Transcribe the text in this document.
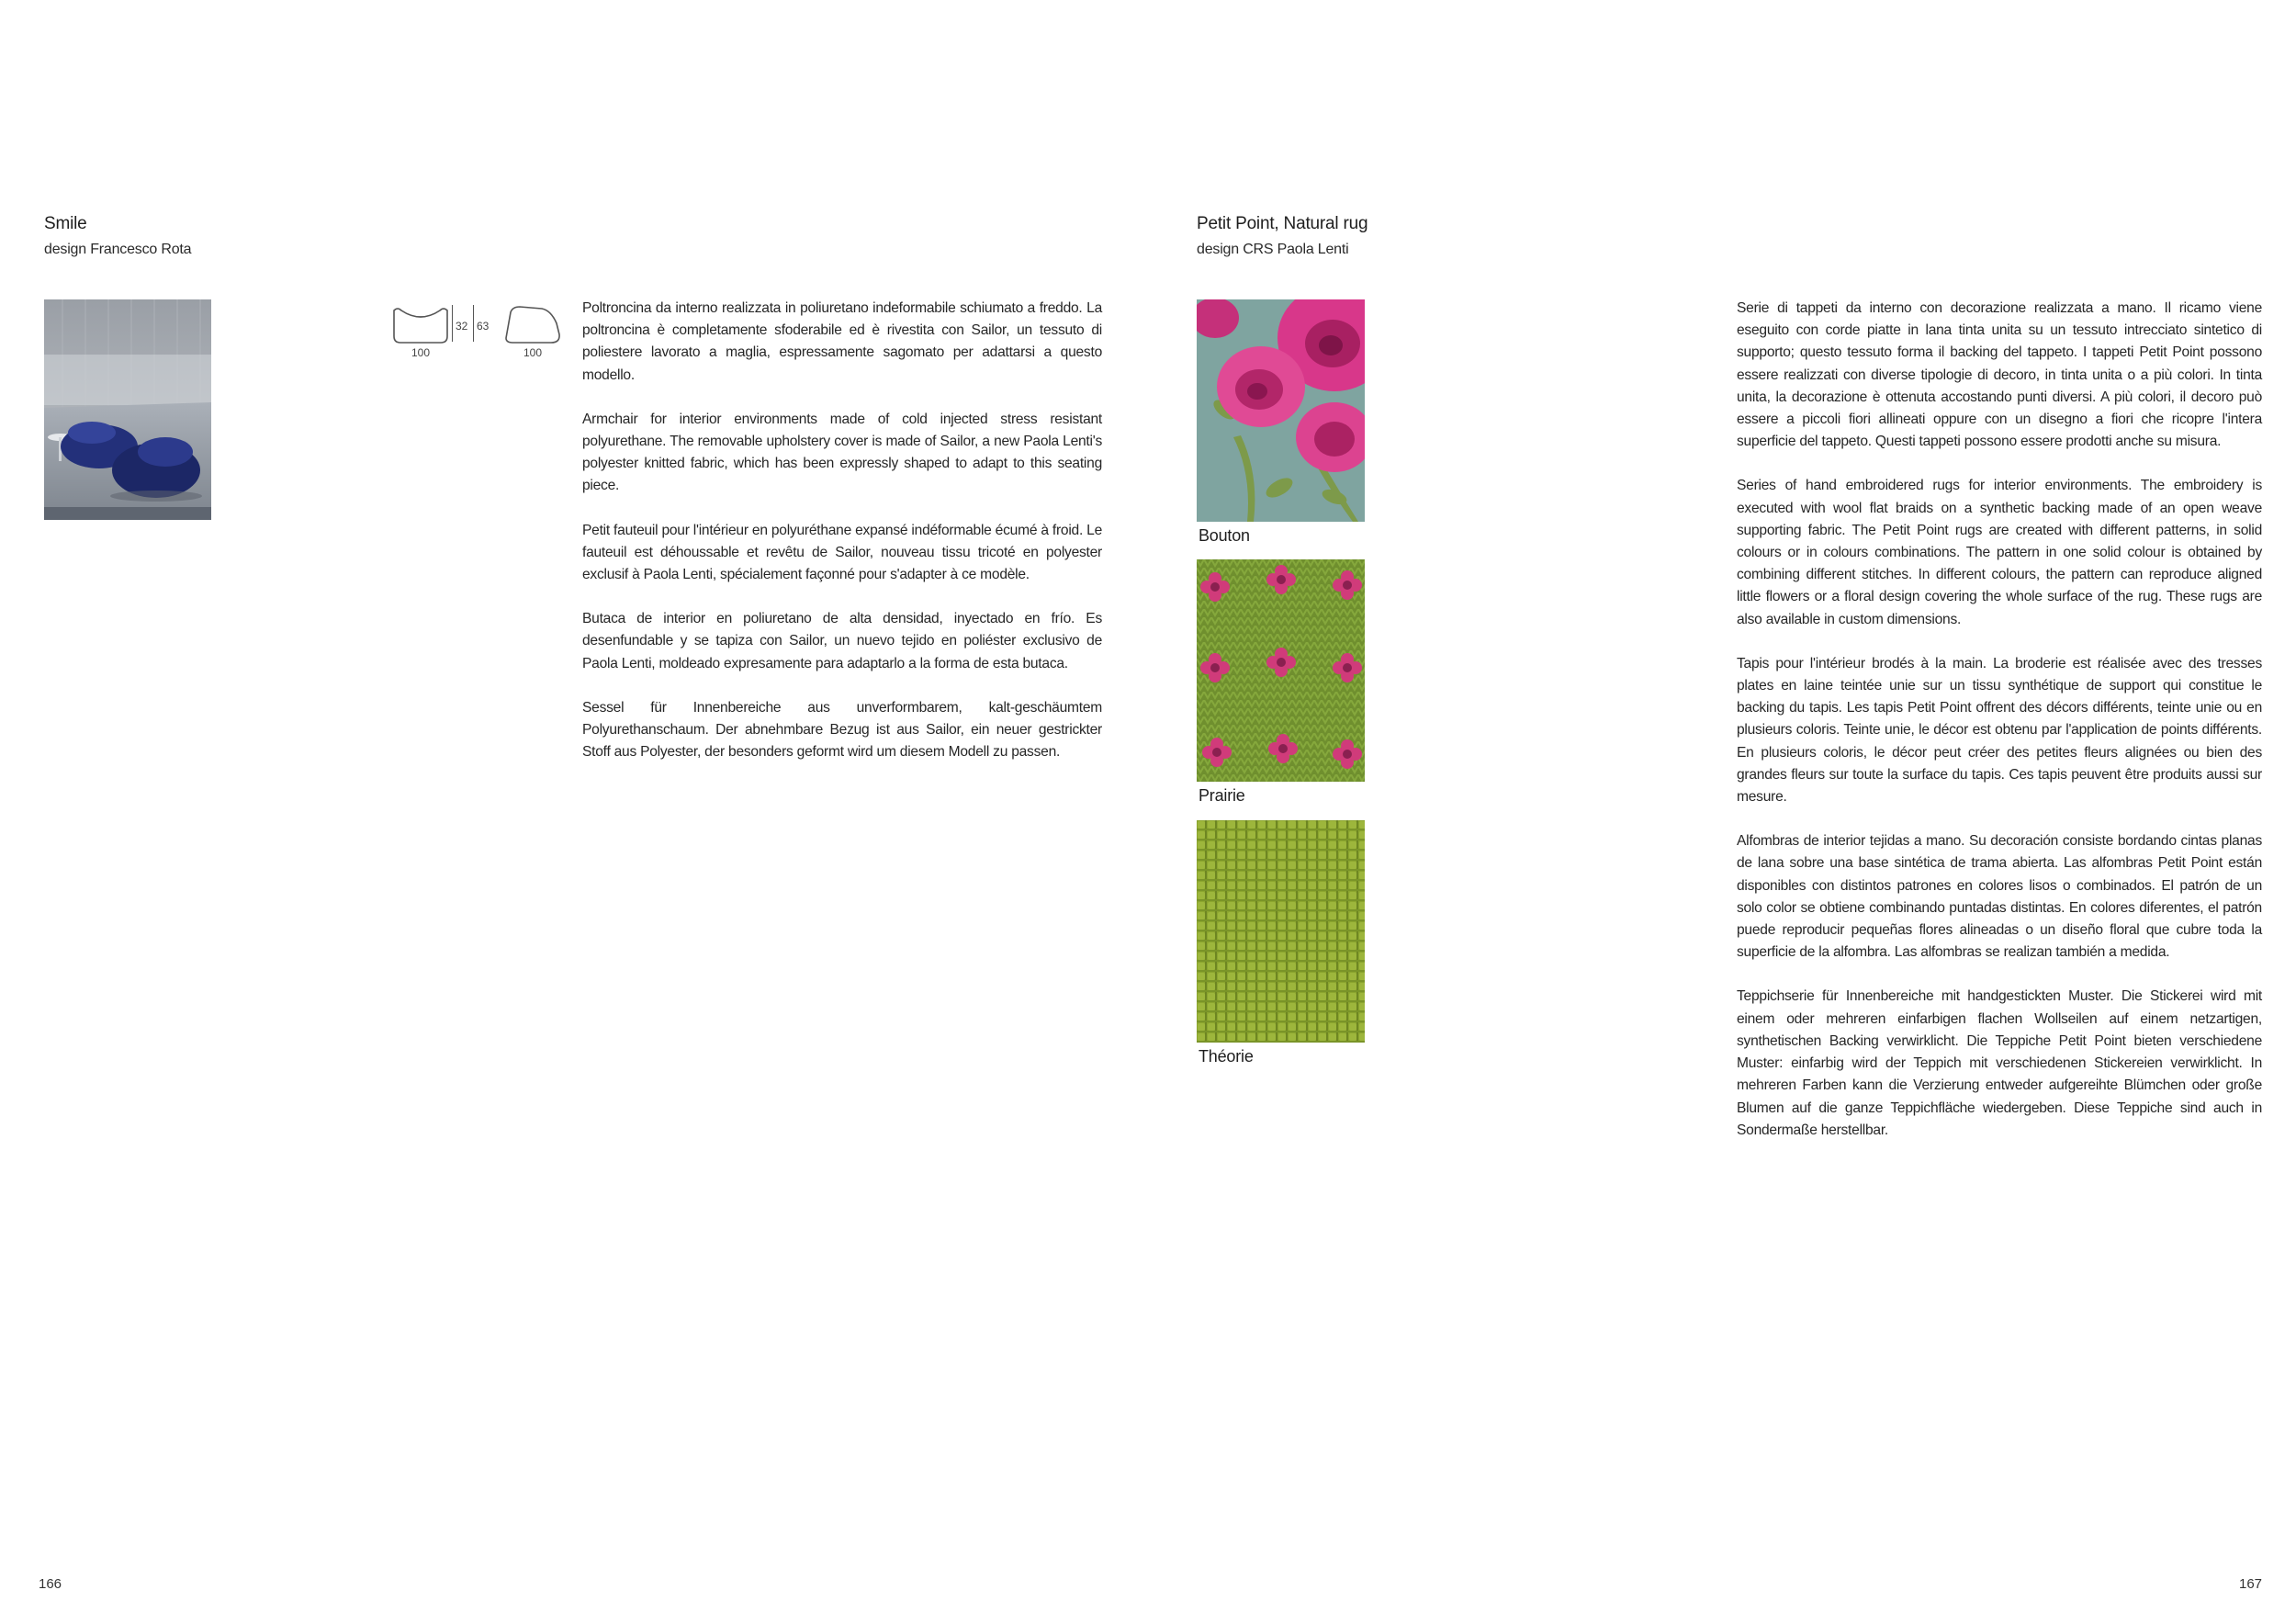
Smile
design Francesco Rota
32 63
100	100

Poltroncina da interno realizzata in poliuretano indeformabile schiumato a freddo. La poltroncina è completamente sfoderabile ed è rivestita con Sailor, un tessuto di poliestere lavorato a maglia, espressamente sagomato per adattarsi a questo modello.

Armchair for interior environments made of cold injected stress resistant polyurethane. The removable upholstery cover is made of Sailor, a new Paola Lenti's polyester knitted fabric, which has been expressly shaped to adapt to this seating piece.

Petit fauteuil pour l'intérieur en polyuréthane expansé indéformable écumé à froid. Le fauteuil est déhoussable et revêtu de Sailor, nouveau tissu tricoté en polyester exclusif à Paola Lenti, spécialement façonné pour s'adapter à ce modèle.

Butaca de interior en poliuretano de alta densidad, inyectado en frío. Es desenfundable y se tapiza con Sailor, un nuevo tejido en poliéster exclusivo de Paola Lenti, moldeado expresamente para adaptarlo a la forma de esta butaca.

Sessel für Innenbereiche aus unverformbarem, kalt-geschäumtem Polyurethanschaum. Der abnehmbare Bezug ist aus Sailor, ein neuer gestrickter Stoff aus Polyester, der besonders geformt wird um diesem Modell zu passen.

166
Petit Point, Natural rug
design CRS Paola Lenti
Bouton
Prairie
Théorie

Serie di tappeti da interno con decorazione realizzata a mano. Il ricamo viene eseguito con corde piatte in lana tinta unita su un tessuto intrecciato sintetico di supporto; questo tessuto forma il backing del tappeto. I tappeti Petit Point possono essere realizzati con diverse tipologie di decoro, in tinta unita o a più colori. In tinta unita, la decorazione è ottenuta accostando punti diversi. A più colori, il decoro può essere a piccoli fiori allineati oppure con un disegno a fiori che ricopre l'intera superficie del tappeto. Questi tappeti possono essere prodotti anche su misura.

Series of hand embroidered rugs for interior environments. The embroidery is executed with wool flat braids on a synthetic backing made of an open weave supporting fabric. The Petit Point rugs are created with different patterns, in solid colours or in colours combinations. The pattern in one solid colour is obtained by combining different stitches. In different colours, the pattern can reproduce aligned little flowers or a floral design covering the whole surface of the rug. These rugs are also available in custom dimensions.

Tapis pour l'intérieur brodés à la main. La broderie est réalisée avec des tresses plates en laine teintée unie sur un tissu synthétique de support qui constitue le backing du tapis. Les tapis Petit Point offrent des décors différents, teinte unie ou en plusieurs coloris. Teinte unie, le décor est obtenu par l'application de points différents. En plusieurs coloris, le décor peut créer des petites fleurs alignées ou bien des grandes fleurs sur toute la surface du tapis. Ces tapis peuvent être produits aussi sur mesure.

Alfombras de interior tejidas a mano. Su decoración consiste bordando cintas planas de lana sobre una base sintética de trama abierta. Las alfombras Petit Point están disponibles con distintos patrones en colores lisos o combinados. El patrón de un solo color se obtiene combinando puntadas distintas. En colores diferentes, el patrón puede reproducir pequeñas flores alineadas o un diseño floral que cubre toda la superficie de la alfombra. Las alfombras se realizan también a medida.

Teppichserie für Innenbereiche mit handgestickten Muster. Die Stickerei wird mit einem oder mehreren einfarbigen flachen Wollseilen auf einem netzartigen, synthetischen Backing verwirklicht. Die Teppiche Petit Point bieten verschiedene Muster: einfarbig wird der Teppich mit verschiedenen Stickereien verwirklicht. In mehreren Farben kann die Verzierung entweder aufgereihte Blümchen oder große Blumen auf die ganze Teppichfläche wiedergeben. Diese Teppiche sind auch in Sondermaße herstellbar.

167
